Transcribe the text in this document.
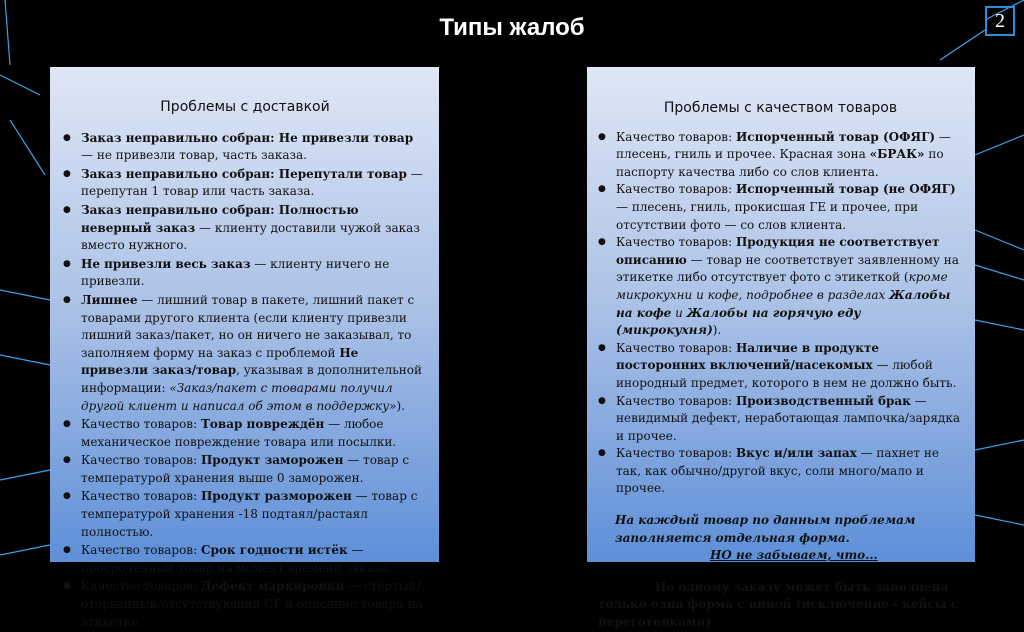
Типы жалоб	2
Проблемы с доставкой
● Заказ неправильно собран: Не привезли товар — не привезли товар, часть заказа.
● Заказ неправильно собран: Перепутали товар — перепутан 1 товар или часть заказа.
● Заказ неправильно собран: Полностью неверный заказ — клиенту доставили чужой заказ вместо нужного.
● Не привезли весь заказ — клиенту ничего не привезли.
● Лишнее — лишний товар в пакете, лишний пакет с товарами другого клиента (если клиенту привезли лишний заказ/пакет, но он ничего не заказывал, то заполняем форму на заказ с проблемой Не привезли заказ/товар, указывая в дополнительной информации: «Заказ/пакет с товарами получил другой клиент и написал об этом в поддержку»).
● Качество товаров: Товар повреждён — любое механическое повреждение товара или посылки.
● Качество товаров: Продукт заморожен — товар с температурой хранения выше 0 заморожен.
● Качество товаров: Продукт разморожен — товар с температурой хранения -18 подтаял/растаял полностью.
● Качество товаров: Срок годности истёк — просроченный товар на момент времени заказа.
● Качество товаров: Дефект маркировки — стёртый/оторванный/отсутствующий СГ и описание товара на этикетке.
Проблемы с качеством товаров
● Качество товаров: Испорченный товар (ОФЯГ) — плесень, гниль и прочее. Красная зона «БРАК» по паспорту качества либо со слов клиента.
● Качество товаров: Испорченный товар (не ОФЯГ) — плесень, гниль, прокисшая ГЕ и прочее, при отсутствии фото — со слов клиента.
● Качество товаров: Продукция не соответствует описанию — товар не соответствует заявленному на этикетке либо отсутствует фото с этикеткой (кроме микрокухни и кофе, подробнее в разделах Жалобы на кофе и Жалобы на горячую еду (микрокухня)).
● Качество товаров: Наличие в продукте посторонних включений/насекомых — любой инородный предмет, которого в нем не должно быть.
● Качество товаров: Производственный брак — невидимый дефект, неработающая лампочка/зарядка и прочее.
● Качество товаров: Вкус и/или запах — пахнет не так, как обычно/другой вкус, соли много/мало и прочее.
На каждый товар по данным проблемам заполняется отдельная форма.
НО не забываем, что...
По одному заказу может быть заполнена только одна форма с виной (исключение - кейсы с переготовками)
